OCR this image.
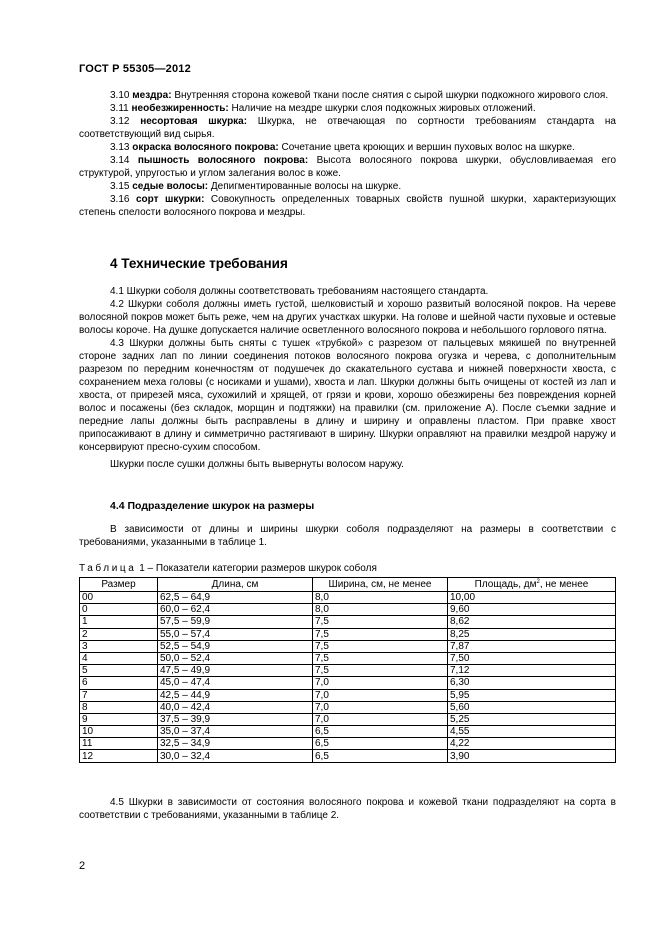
ГОСТ Р 55305—2012
3.10 мездра: Внутренняя сторона кожевой ткани после снятия с сырой шкурки подкожного жирового слоя.
3.11 необезжиренность: Наличие на мездре шкурки слоя подкожных жировых отложений.
3.12 несортовая шкурка: Шкурка, не отвечающая по сортности требованиям стандарта на соответствующий вид сырья.
3.13 окраска волосяного покрова: Сочетание цвета кроющих и вершин пуховых волос на шкурке.
3.14 пышность волосяного покрова: Высота волосяного покрова шкурки, обусловливаемая его структурой, упругостью и углом залегания волос в коже.
3.15 седые волосы: Депигментированные волосы на шкурке.
3.16 сорт шкурки: Совокупность определенных товарных свойств пушной шкурки, характеризующих степень спелости волосяного покрова и мездры.
4 Технические требования
4.1 Шкурки соболя должны соответствовать требованиям настоящего стандарта.
4.2 Шкурки соболя должны иметь густой, шелковистый и хорошо развитый волосяной покров. На череве волосяной покров может быть реже, чем на других участках шкурки. На голове и шейной части пуховые и остевые волосы короче. На душке допускается наличие осветленного волосяного покрова и небольшого горлового пятна.
4.3 Шкурки должны быть сняты с тушек «трубкой» с разрезом от пальцевых мякишей по внутренней стороне задних лап по линии соединения потоков волосяного покрова огузка и черева, с дополнительным разрезом по передним конечностям от подушечек до скакательного сустава и нижней поверхности хвоста, с сохранением меха головы (с носиками и ушами), хвоста и лап. Шкурки должны быть очищены от костей из лап и хвоста, от прирезей мяса, сухожилий и хрящей, от грязи и крови, хорошо обезжирены без повреждения корней волос и посажены (без складок, морщин и подтяжки) на правилки (см. приложение А). После съемки задние и передние лапы должны быть расправлены в длину и ширину и оправлены пластом. При правке хвост припосаживают в длину и симметрично растягивают в ширину. Шкурки оправляют на правилки мездрой наружу и консервируют пресно-сухим способом.
Шкурки после сушки должны быть вывернуты волосом наружу.
4.4 Подразделение шкурок на размеры
В зависимости от длины и ширины шкурки соболя подразделяют на размеры в соответствии с требованиями, указанными в таблице 1.
Таблица 1 – Показатели категории размеров шкурок соболя
Размер	Длина, см	Ширина, см, не менее	Площадь, $дм^2$, не менее
00	62,5 – 64,9	8,0	10,00
0	60,0 – 62,4	8,0	9,60
1	57,5 – 59,9	7,5	8,62
2	55,0 – 57,4	7,5	8,25
3	52,5 – 54,9	7,5	7,87
4	50,0 – 52,4	7,5	7,50
5	47,5 – 49,9	7,5	7,12
6	45,0 – 47,4	7,0	6,30
7	42,5 – 44,9	7,0	5,95
8	40,0 – 42,4	7,0	5,60
9	37,5 – 39,9	7,0	5,25
10	35,0 – 37,4	6,5	4,55
11	32,5 – 34,9	6,5	4,22
12	30,0 – 32,4	6,5	3,90
4.5 Шкурки в зависимости от состояния волосяного покрова и кожевой ткани подразделяют на сорта в соответствии с требованиями, указанными в таблице 2.
2
